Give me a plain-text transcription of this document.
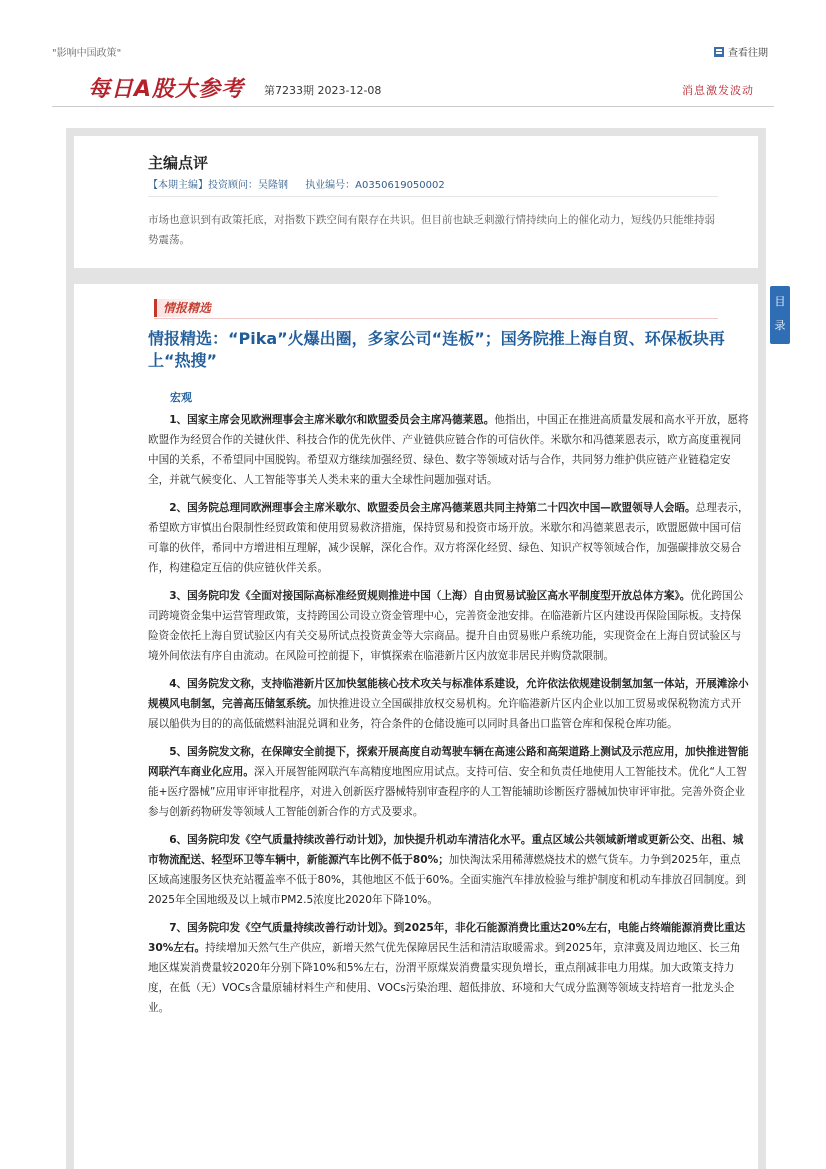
"影响中国政策"	查看往期
每日A股大参考 第7233期 2023-12-08	消息激发波动
主编点评
【本期主编】投资顾问：吴隆钢 执业编号：A0350619050002
市场也意识到有政策托底，对指数下跌空间有限存在共识。但目前也缺乏刺激行情持续向上的催化动力，短线仍只能维持弱势震荡。
目录
情报精选
情报精选：“Pika”火爆出圈，多家公司“连板”；国务院推上海自贸、环保板块再上“热搜”
宏观

1、国家主席会见欧洲理事会主席米歇尔和欧盟委员会主席冯德莱恩。他指出，中国正在推进高质量发展和高水平开放，愿将欧盟作为经贸合作的关键伙伴、科技合作的优先伙伴、产业链供应链合作的可信伙伴。米歇尔和冯德莱恩表示，欧方高度重视同中国的关系，不希望同中国脱钩。希望双方继续加强经贸、绿色、数字等领域对话与合作，共同努力维护供应链产业链稳定安全，并就气候变化、人工智能等事关人类未来的重大全球性问题加强对话。

2、国务院总理同欧洲理事会主席米歇尔、欧盟委员会主席冯德莱恩共同主持第二十四次中国—欧盟领导人会晤。总理表示，希望欧方审慎出台限制性经贸政策和使用贸易救济措施，保持贸易和投资市场开放。米歇尔和冯德莱恩表示，欧盟愿做中国可信可靠的伙伴，希同中方增进相互理解，减少误解，深化合作。双方将深化经贸、绿色、知识产权等领域合作，加强碳排放交易合作，构建稳定互信的供应链伙伴关系。

3、国务院印发《全面对接国际高标准经贸规则推进中国（上海）自由贸易试验区高水平制度型开放总体方案》。优化跨国公司跨境资金集中运营管理政策，支持跨国公司设立资金管理中心，完善资金池安排。在临港新片区内建设再保险国际板。支持保险资金依托上海自贸试验区内有关交易所试点投资黄金等大宗商品。提升自由贸易账户系统功能，实现资金在上海自贸试验区与境外间依法有序自由流动。在风险可控前提下，审慎探索在临港新片区内放宽非居民并购贷款限制。

4、国务院发文称，支持临港新片区加快氢能核心技术攻关与标准体系建设，允许依法依规建设制氢加氢一体站，开展滩涂小规模风电制氢，完善高压储氢系统。加快推进设立全国碳排放权交易机构。允许临港新片区内企业以加工贸易或保税物流方式开展以船供为目的的高低硫燃料油混兑调和业务，符合条件的仓储设施可以同时具备出口监管仓库和保税仓库功能。

5、国务院发文称，在保障安全前提下，探索开展高度自动驾驶车辆在高速公路和高架道路上测试及示范应用，加快推进智能网联汽车商业化应用。深入开展智能网联汽车高精度地图应用试点。支持可信、安全和负责任地使用人工智能技术。优化“人工智能+医疗器械”应用审评审批程序，对进入创新医疗器械特别审查程序的人工智能辅助诊断医疗器械加快审评审批。完善外资企业参与创新药物研发等领域人工智能创新合作的方式及要求。

6、国务院印发《空气质量持续改善行动计划》，加快提升机动车清洁化水平。重点区域公共领域新增或更新公交、出租、城市物流配送、轻型环卫等车辆中，新能源汽车比例不低于80%；加快淘汰采用稀薄燃烧技术的燃气货车。力争到2025年，重点区域高速服务区快充站覆盖率不低于80%，其他地区不低于60%。全面实施汽车排放检验与维护制度和机动车排放召回制度。到2025年全国地级及以上城市PM2.5浓度比2020年下降10%。

7、国务院印发《空气质量持续改善行动计划》。到2025年，非化石能源消费比重达20%左右，电能占终端能源消费比重达30%左右。持续增加天然气生产供应，新增天然气优先保障居民生活和清洁取暖需求。到2025年，京津冀及周边地区、长三角地区煤炭消费量较2020年分别下降10%和5%左右，汾渭平原煤炭消费量实现负增长，重点削减非电力用煤。加大政策支持力度，在低（无）VOCs含量原辅材料生产和使用、VOCs污染治理、超低排放、环境和大气成分监测等领域支持培育一批龙头企业。
